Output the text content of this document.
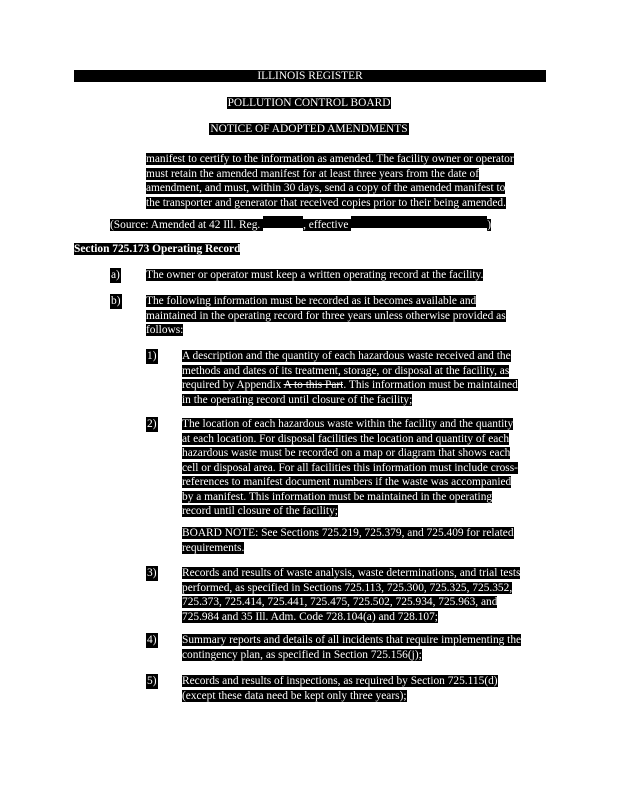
ILLINOIS REGISTER
POLLUTION CONTROL BOARD
NOTICE OF ADOPTED AMENDMENTS
manifest to certify to the information as amended. The facility owner or operator
must retain the amended manifest for at least three years from the date of
amendment, and must, within 30 days, send a copy of the amended manifest to
the transporter and generator that received copies prior to their being amended.
(Source: Amended at 42 Ill. Reg.	, effective	)
Section 725.173 Operating Record
a) The owner or operator must keep a written operating record at the facility.
b) The following information must be recorded as it becomes available and
maintained in the operating record for three years unless otherwise provided as
follows:
1) A description and the quantity of each hazardous waste received and the
methods and dates of its treatment, storage, or disposal at the facility, as
required by Appendix A to this Part. This information must be maintained
in the operating record until closure of the facility;
2) The location of each hazardous waste within the facility and the quantity
at each location. For disposal facilities the location and quantity of each
hazardous waste must be recorded on a map or diagram that shows each
cell or disposal area. For all facilities this information must include cross-
references to manifest document numbers if the waste was accompanied
by a manifest. This information must be maintained in the operating
record until closure of the facility;
BOARD NOTE: See Sections 725.219, 725.379, and 725.409 for related
requirements.
3) Records and results of waste analysis, waste determinations, and trial tests
performed, as specified in Sections 725.113, 725.300, 725.325, 725.352,
725.373, 725.414, 725.441, 725.475, 725.502, 725.934, 725.963, and
725.984 and 35 Ill. Adm. Code 728.104(a) and 728.107;
4) Summary reports and details of all incidents that require implementing the
contingency plan, as specified in Section 725.156(j);
5) Records and results of inspections, as required by Section 725.115(d)
(except these data need be kept only three years);
